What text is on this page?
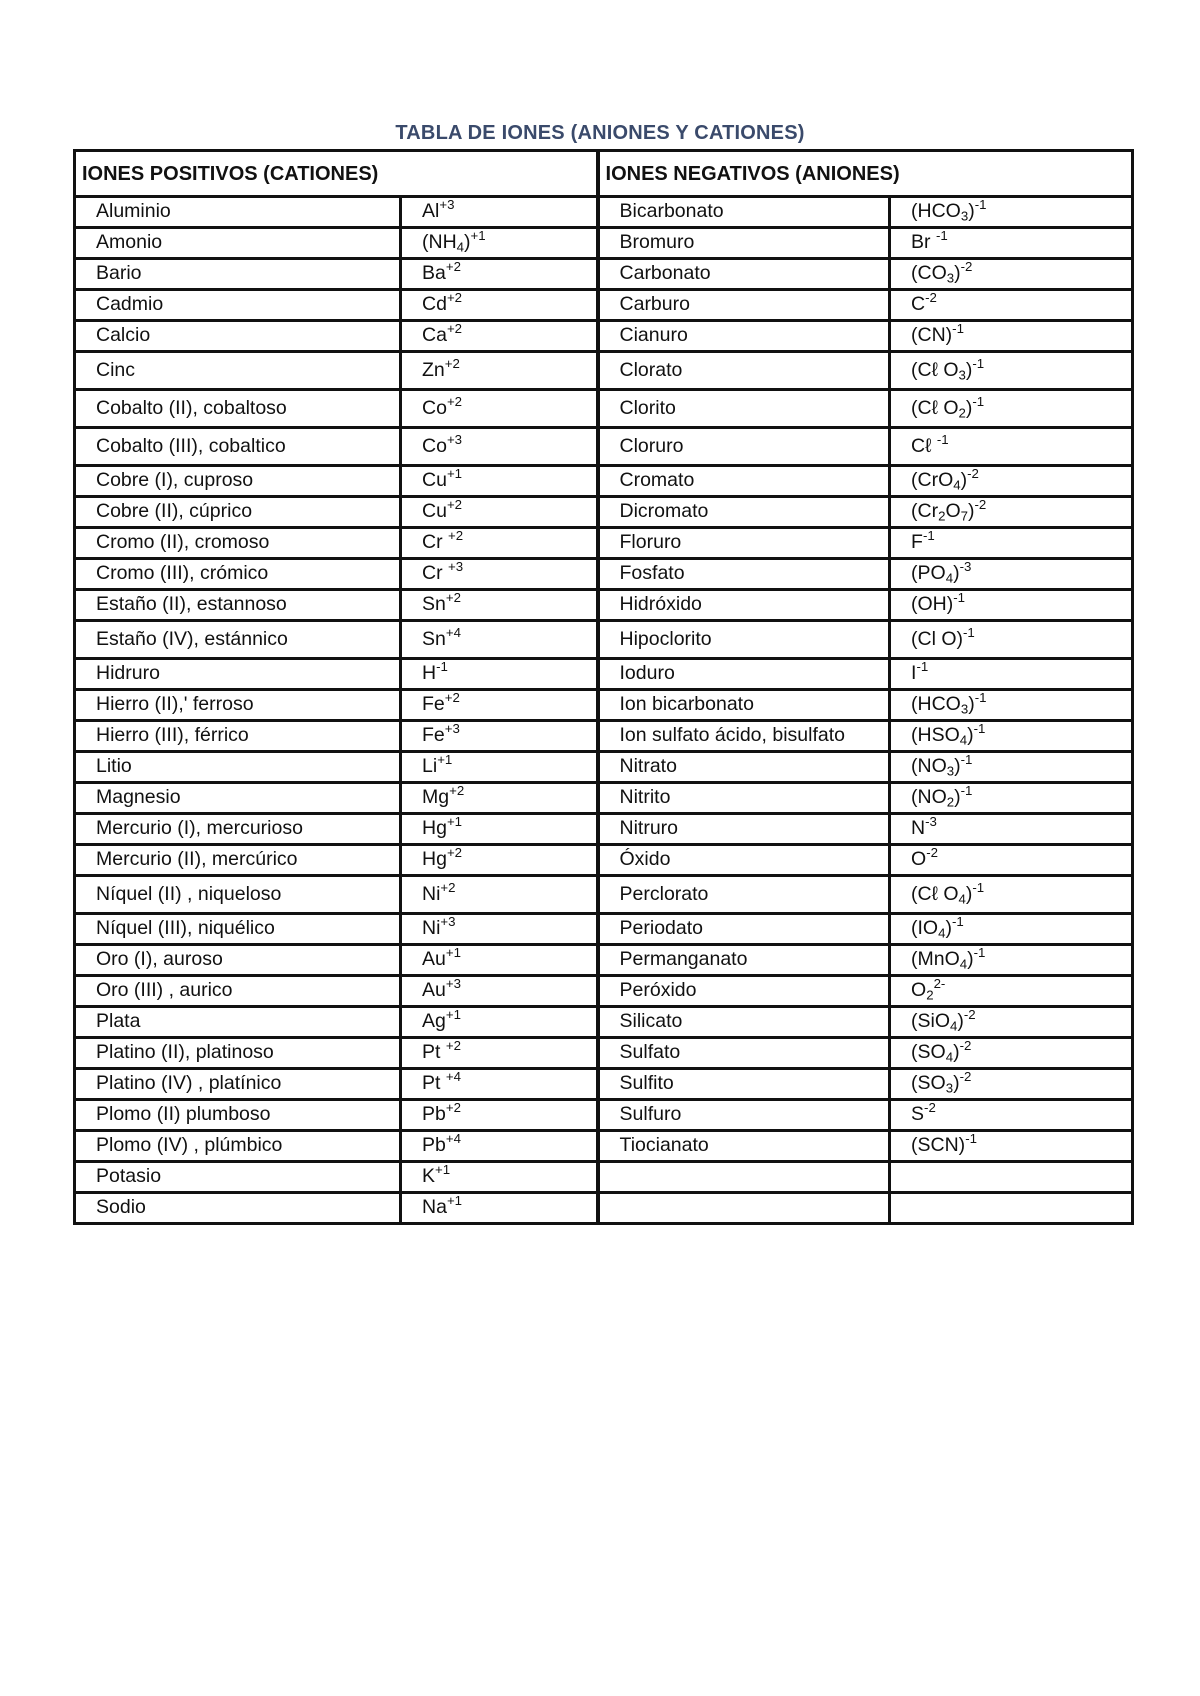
TABLA DE IONES (ANIONES Y CATIONES)
IONES POSITIVOS (CATIONES)		IONES NEGATIVOS (ANIONES)	
Aluminio	$Al^{+3}$	Bicarbonato	$(HCO_3)^{-1}$
Amonio	$(NH_4)^{+1}$	Bromuro	Br $^{-1}$
Bario	$Ba^{+2}$	Carbonato	$(CO_3)^{-2}$
Cadmio	$Cd^{+2}$	Carburo	$C^{-2}$
Calcio	$Ca^{+2}$	Cianuro	(CN)$^{-1}$
Cinc	$Zn^{+2}$	Clorato	(Cℓ $O_3)^{-1}$
Cobalto (II), cobaltoso	$Co^{+2}$	Clorito	(Cℓ $O_2)^{-1}$
Cobalto (III), cobaltico	$Co^{+3}$	Cloruro	Cℓ $^{-1}$
Cobre (I), cuproso	$Cu^{+1}$	Cromato	$(CrO_4)^{-2}$
Cobre (II), cúprico	$Cu^{+2}$	Dicromato	$(Cr_2O_7)^{-2}$
Cromo (II), cromoso	Cr $^{+2}$	Floruro	$F^{-1}$
Cromo (III), crómico	Cr $^{+3}$	Fosfato	$(PO_4)^{-3}$
Estaño (II), estannoso	$Sn^{+2}$	Hidróxido	(OH)$^{-1}$
Estaño (IV), estánnico	$Sn^{+4}$	Hipoclorito	(Cl O)$^{-1}$
Hidruro	$H^{-1}$	Ioduro	$I^{-1}$
Hierro (II),' ferroso	$Fe^{+2}$	Ion bicarbonato	$(HCO_3)^{-1}$
Hierro (III), férrico	$Fe^{+3}$	Ion sulfato ácido, bisulfato	$(HSO_4)^{-1}$
Litio	$Li^{+1}$	Nitrato	$(NO_3)^{-1}$
Magnesio	$Mg^{+2}$	Nitrito	$(NO_2)^{-1}$
Mercurio (I), mercurioso	$Hg^{+1}$	Nitruro	$N^{-3}$
Mercurio (II), mercúrico	$Hg^{+2}$	Óxido	$O^{-2}$
Níquel (II) , niqueloso	$Ni^{+2}$	Perclorato	(Cℓ $O_4)^{-1}$
Níquel (III), niquélico	$Ni^{+3}$	Periodato	$(IO_4)^{-1}$
Oro (I), auroso	$Au^{+1}$	Permanganato	$(MnO_4)^{-1}$
Oro (III) , aurico	$Au^{+3}$	Peróxido	$O_2^{2-}$
Plata	$Ag^{+1}$	Silicato	$(SiO_4)^{-2}$
Platino (II), platinoso	Pt $^{+2}$	Sulfato	$(SO_4)^{-2}$
Platino (IV) , platínico	Pt $^{+4}$	Sulfito	$(SO_3)^{-2}$
Plomo (II) plumboso	$Pb^{+2}$	Sulfuro	$S^{-2}$
Plomo (IV) , plúmbico	$Pb^{+4}$	Tiocianato	(SCN)$^{-1}$
Potasio	$K^{+1}$		
Sodio	$Na^{+1}$		
